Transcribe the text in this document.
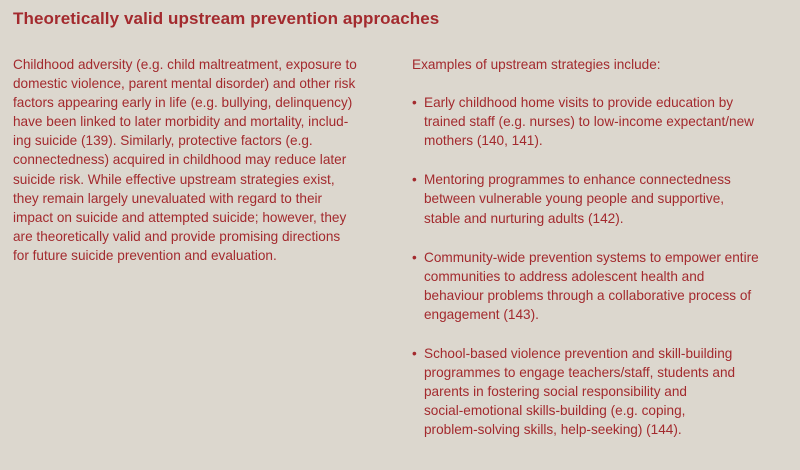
Theoretically valid upstream prevention approaches

Childhood adversity (e.g. child maltreatment, exposure to
domestic violence, parent mental disorder) and other risk
factors appearing early in life (e.g. bullying, delinquency)
have been linked to later morbidity and mortality, includ-
ing suicide (139). Similarly, protective factors (e.g.
connectedness) acquired in childhood may reduce later
suicide risk. While effective upstream strategies exist,
they remain largely unevaluated with regard to their
impact on suicide and attempted suicide; however, they
are theoretically valid and provide promising directions
for future suicide prevention and evaluation.

Examples of upstream strategies include:

• Early childhood home visits to provide education by
trained staff (e.g. nurses) to low-income expectant/new
mothers (140, 141).
• Mentoring programmes to enhance connectedness
between vulnerable young people and supportive,
stable and nurturing adults (142).
• Community-wide prevention systems to empower entire
communities to address adolescent health and
behaviour problems through a collaborative process of
engagement (143).
• School-based violence prevention and skill-building
programmes to engage teachers/staff, students and
parents in fostering social responsibility and
social-emotional skills-building (e.g. coping,
problem-solving skills, help-seeking) (144).
